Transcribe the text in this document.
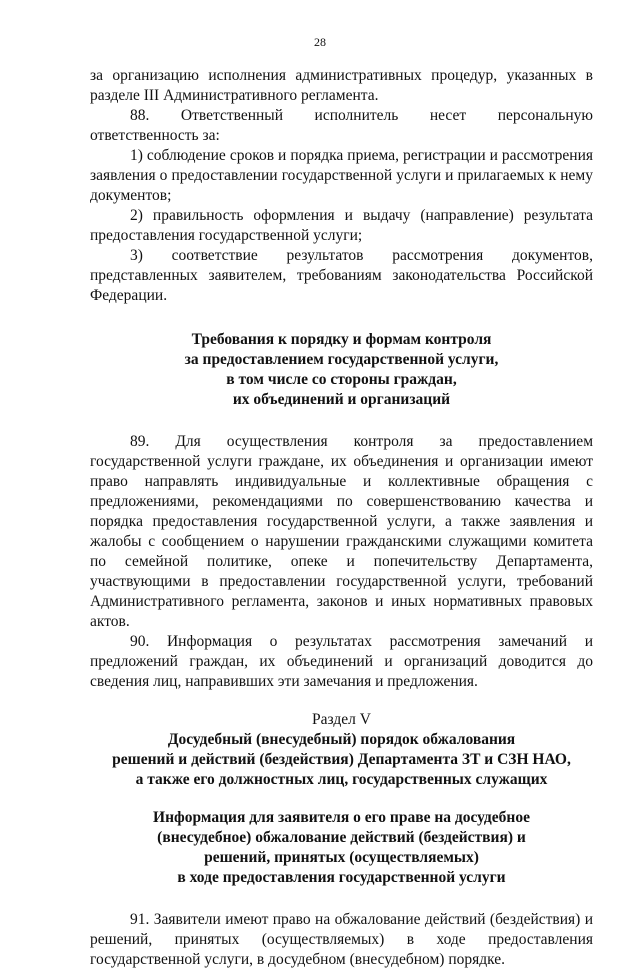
28

за организацию исполнения административных процедур, указанных в разделе III Административного регламента.

88. Ответственный исполнитель несет персональную ответственность за:

1) соблюдение сроков и порядка приема, регистрации и рассмотрения заявления о предоставлении государственной услуги и прилагаемых к нему документов;

2) правильность оформления и выдачу (направление) результата предоставления государственной услуги;

3) соответствие результатов рассмотрения документов, представленных заявителем, требованиям законодательства Российской Федерации.

Требования к порядку и формам контроля
за предоставлением государственной услуги,
в том числе со стороны граждан,
их объединений и организаций

89. Для осуществления контроля за предоставлением государственной услуги граждане, их объединения и организации имеют право направлять индивидуальные и коллективные обращения с предложениями, рекомендациями по совершенствованию качества и порядка предоставления государственной услуги, а также заявления и жалобы с сообщением о нарушении гражданскими служащими комитета по семейной политике, опеке и попечительству Департамента, участвующими в предоставлении государственной услуги, требований Административного регламента, законов и иных нормативных правовых актов.

90. Информация о результатах рассмотрения замечаний и предложений граждан, их объединений и организаций доводится до сведения лиц, направивших эти замечания и предложения.

Раздел V
Досудебный (внесудебный) порядок обжалования
решений и действий (бездействия) Департамента ЗТ и СЗН НАО,
а также его должностных лиц, государственных служащих
Информация для заявителя о его праве на досудебное
(внесудебное) обжалование действий (бездействия) и
решений, принятых (осуществляемых)
в ходе предоставления государственной услуги

91. Заявители имеют право на обжалование действий (бездействия) и решений, принятых (осуществляемых) в ходе предоставления государственной услуги, в досудебном (внесудебном) порядке.
